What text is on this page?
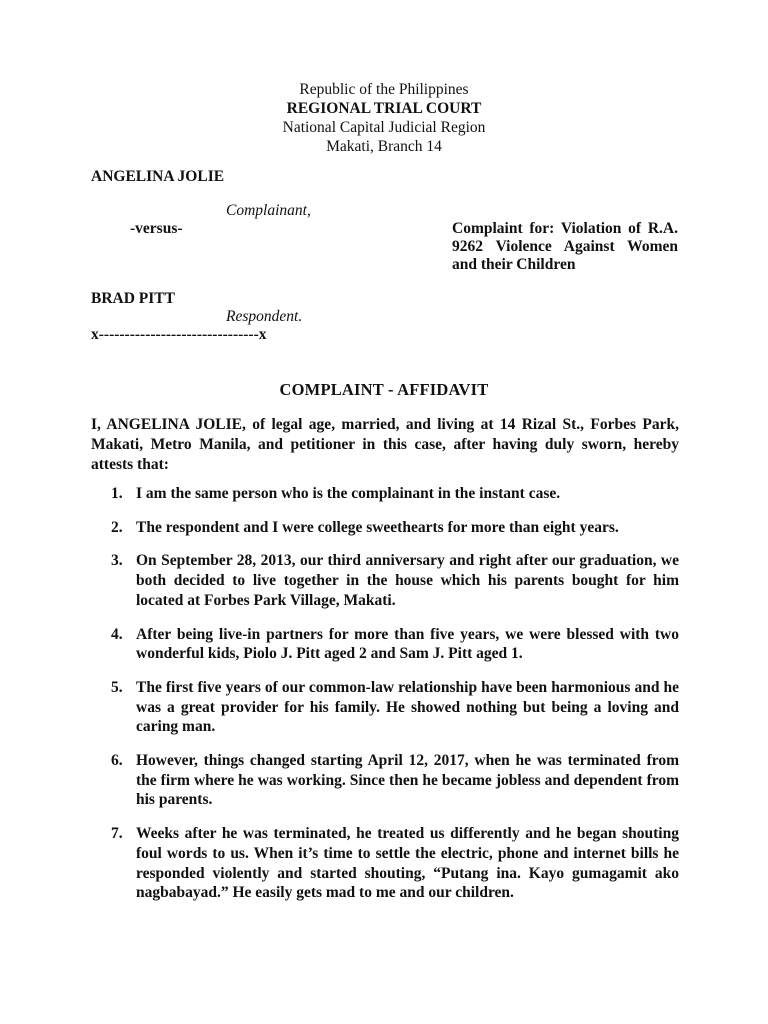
Republic of the Philippines
REGIONAL TRIAL COURT
National Capital Judicial Region
Makati, Branch 14
ANGELINA JOLIE
Complainant,
-versus-	Complaint for: Violation of R.A. 9262 Violence Against Women and their Children
BRAD PITT
Respondent.
x-------------------------------x
COMPLAINT - AFFIDAVIT
I, ANGELINA JOLIE, of legal age, married, and living at 14 Rizal St., Forbes Park, Makati, Metro Manila, and petitioner in this case, after having duly sworn, hereby attests that:
1. I am the same person who is the complainant in the instant case.
2. The respondent and I were college sweethearts for more than eight years.
3. On September 28, 2013, our third anniversary and right after our graduation, we both decided to live together in the house which his parents bought for him located at Forbes Park Village, Makati.
4. After being live-in partners for more than five years, we were blessed with two wonderful kids, Piolo J. Pitt aged 2 and Sam J. Pitt aged 1.
5. The first five years of our common-law relationship have been harmonious and he was a great provider for his family. He showed nothing but being a loving and caring man.
6. However, things changed starting April 12, 2017, when he was terminated from the firm where he was working. Since then he became jobless and dependent from his parents.
7. Weeks after he was terminated, he treated us differently and he began shouting foul words to us. When it’s time to settle the electric, phone and internet bills he responded violently and started shouting, “Putang ina. Kayo gumagamit ako nagbabayad.” He easily gets mad to me and our children.
